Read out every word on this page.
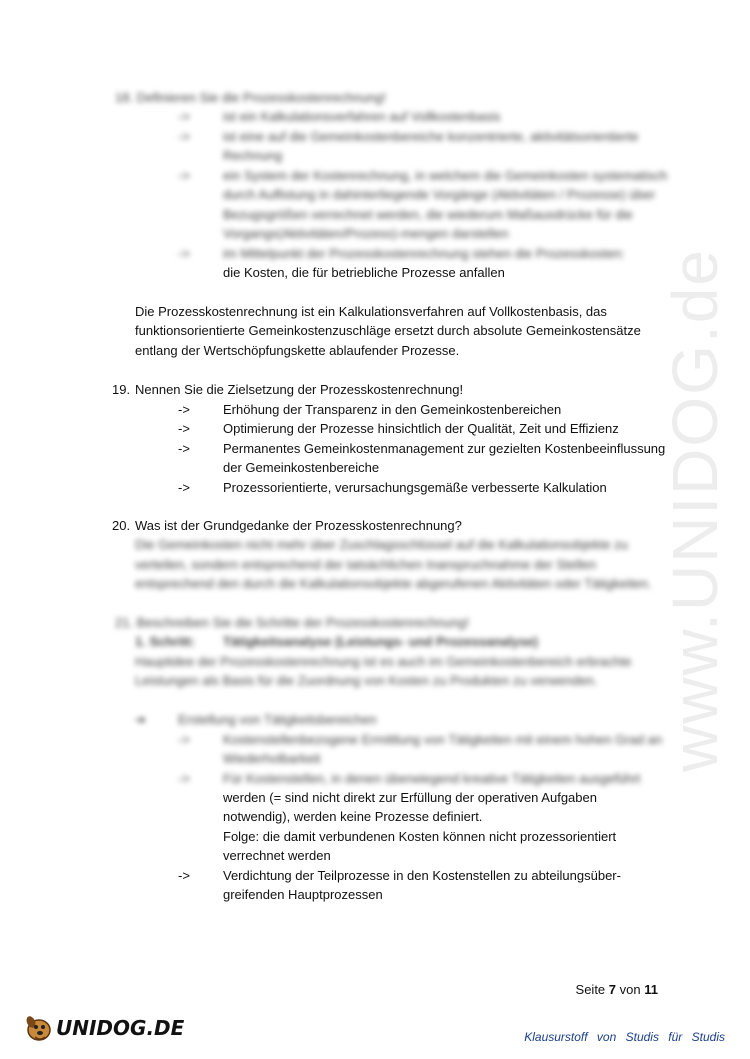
www.UNIDOG.de
18. Definieren Sie die Prozesskostenrechnung!
->	ist ein Kalkulationsverfahren auf Vollkostenbasis
->	ist eine auf die Gemeinkostenbereiche konzentrierte, aktivitätsorientierte
Rechnung
->	ein System der Kostenrechnung, in welchem die Gemeinkosten systematisch
durch Auflistung in dahinterliegende Vorgänge (Aktivitäten / Prozesse) über
Bezugsgrößen verrechnet werden, die wiederum Maßausdrücke für die
Vorgangs(Aktivitäten/Prozess)-mengen darstellen
->	im Mittelpunkt der Prozesskostenrechnung stehen die Prozesskosten:
die Kosten, die für betriebliche Prozesse anfallen
Die Prozesskostenrechnung ist ein Kalkulationsverfahren auf Vollkostenbasis, das
funktionsorientierte Gemeinkostenzuschläge ersetzt durch absolute Gemeinkostensätze
entlang der Wertschöpfungskette ablaufender Prozesse.
19. Nennen Sie die Zielsetzung der Prozesskostenrechnung!
->	Erhöhung der Transparenz in den Gemeinkostenbereichen
->	Optimierung der Prozesse hinsichtlich der Qualität, Zeit und Effizienz
->	Permanentes Gemeinkostenmanagement zur gezielten Kostenbeeinflussung
der Gemeinkostenbereiche
->	Prozessorientierte, verursachungsgemäße verbesserte Kalkulation
20. Was ist der Grundgedanke der Prozesskostenrechnung?
Die Gemeinkosten nicht mehr über Zuschlagsschlüssel auf die Kalkulationsobjekte zu
verteilen, sondern entsprechend der tatsächlichen Inanspruchnahme der Stellen
entsprechend den durch die Kalkulationsobjekte abgerufenen Aktivitäten oder Tätigkeiten.
21. Beschreiben Sie die Schritte der Prozesskostenrechnung!
1. Schritt: Tätigkeitsanalyse (Leistungs- und Prozessanalyse)
Hauptidee der Prozesskostenrechnung ist es auch im Gemeinkostenbereich erbrachte
Leistungen als Basis für die Zuordnung von Kosten zu Produkten zu verwenden.
➔ Erstellung von Tätigkeitsbereichen
->	Kostenstellenbezogene Ermittlung von Tätigkeiten mit einem hohen Grad an
Wiederholbarkeit
->	Für Kostenstellen, in denen überwiegend kreative Tätigkeiten ausgeführt
werden (= sind nicht direkt zur Erfüllung der operativen Aufgaben
notwendig), werden keine Prozesse definiert.
Folge: die damit verbundenen Kosten können nicht prozessorientiert
verrechnet werden
->	Verdichtung der Teilprozesse in den Kostenstellen zu abteilungsüber-
greifenden Hauptprozessen
Seite 7 von 11
UNIDOG.DE	Klausurstoff von Studis für Studis
